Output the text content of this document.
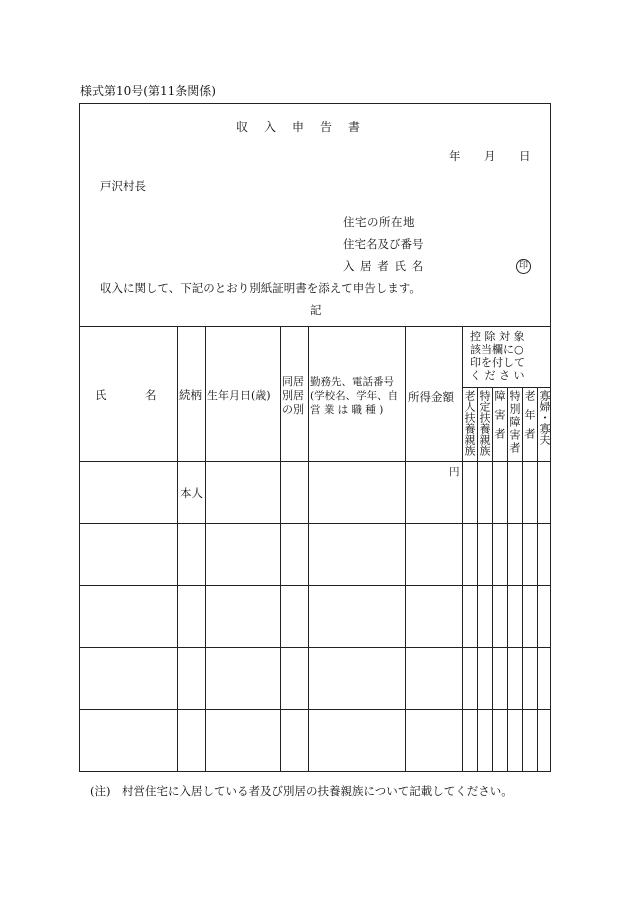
様式第10号(第11条関係)
収　入　申　告　書
年 月 日
戸沢村長
住宅の所在地
住宅名及び番号
入 居 者 氏 名	印
収入に関して、下記のとおり別紙証明書を添えて申告します。
記
氏　　　名 続柄 生年月日(歳)
同居
別居
の別
勤務先、電話番号
(学校名、学年、自
営 業 は 職 種 )
所得金額
控 除 対 象
該当欄に○
印を付して
く だ さ い
老人扶養親族 特定扶養親族 障害者 特別障害者 老年者 寡婦・寡夫
円
本人
(注)　村営住宅に入居している者及び別居の扶養親族について記載してください。
